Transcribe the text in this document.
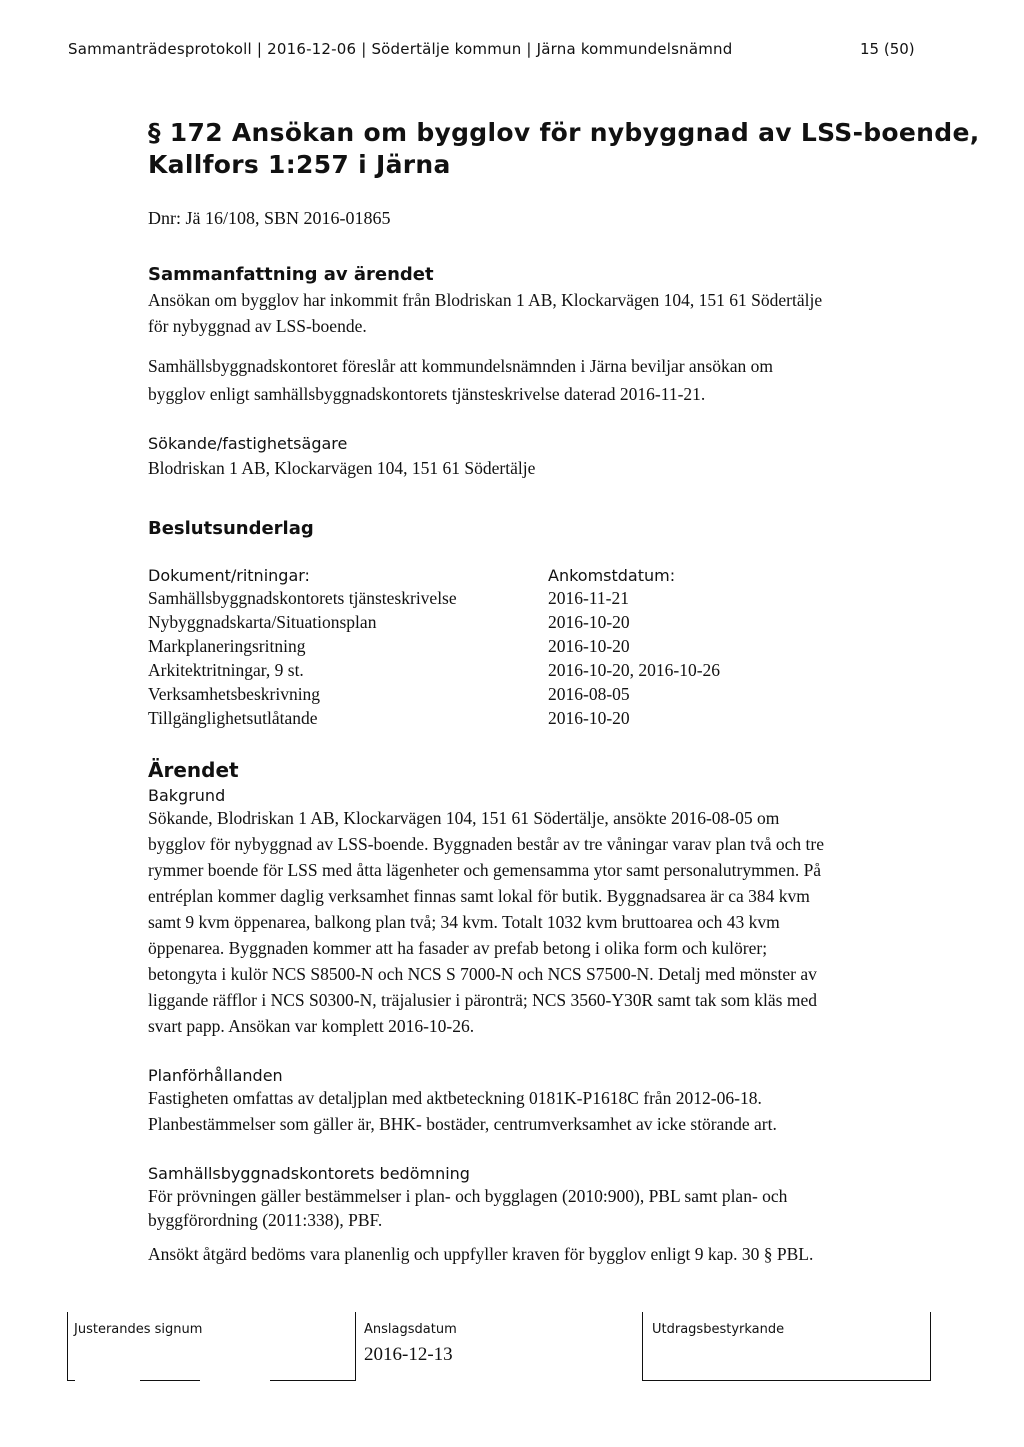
Sammanträdesprotokoll | 2016-12-06 | Södertälje kommun | Järna kommundelsnämnd	15 (50)
§ 172 Ansökan om bygglov för nybyggnad av LSS-boende,
Kallfors 1:257 i Järna
Dnr: Jä 16/108, SBN 2016-01865
Sammanfattning av ärendet
Ansökan om bygglov har inkommit från Blodriskan 1 AB, Klockarvägen 104, 151 61 Södertälje
för nybyggnad av LSS-boende.
Samhällsbyggnadskontoret föreslår att kommundelsnämnden i Järna beviljar ansökan om
bygglov enligt samhällsbyggnadskontorets tjänsteskrivelse daterad 2016-11-21.
Sökande/fastighetsägare
Blodriskan 1 AB, Klockarvägen 104, 151 61 Södertälje
Beslutsunderlag
Dokument/ritningar:	Ankomstdatum:
Samhällsbyggnadskontorets tjänsteskrivelse	2016-11-21
Nybyggnadskarta/Situationsplan	2016-10-20
Markplaneringsritning	2016-10-20
Arkitektritningar, 9 st.	2016-10-20, 2016-10-26
Verksamhetsbeskrivning	2016-08-05
Tillgänglighetsutlåtande	2016-10-20
Ärendet
Bakgrund
Sökande, Blodriskan 1 AB, Klockarvägen 104, 151 61 Södertälje, ansökte 2016-08-05 om
bygglov för nybyggnad av LSS-boende. Byggnaden består av tre våningar varav plan två och tre
rymmer boende för LSS med åtta lägenheter och gemensamma ytor samt personalutrymmen. På
entréplan kommer daglig verksamhet finnas samt lokal för butik. Byggnadsarea är ca 384 kvm
samt 9 kvm öppenarea, balkong plan två; 34 kvm. Totalt 1032 kvm bruttoarea och 43 kvm
öppenarea. Byggnaden kommer att ha fasader av prefab betong i olika form och kulörer;
betongyta i kulör NCS S8500-N och NCS S 7000-N och NCS S7500-N. Detalj med mönster av
liggande räfflor i NCS S0300-N, träjalusier i päronträ; NCS 3560-Y30R samt tak som kläs med
svart papp. Ansökan var komplett 2016-10-26.
Planförhållanden
Fastigheten omfattas av detaljplan med aktbeteckning 0181K-P1618C från 2012-06-18.
Planbestämmelser som gäller är, BHK- bostäder, centrumverksamhet av icke störande art.
Samhällsbyggnadskontorets bedömning
För prövningen gäller bestämmelser i plan- och bygglagen (2010:900), PBL samt plan- och
byggförordning (2011:338), PBF.
Ansökt åtgärd bedöms vara planenlig och uppfyller kraven för bygglov enligt 9 kap. 30 § PBL.
Justerandes signum	Anslagsdatum
2016-12-13
Utdragsbestyrkande
